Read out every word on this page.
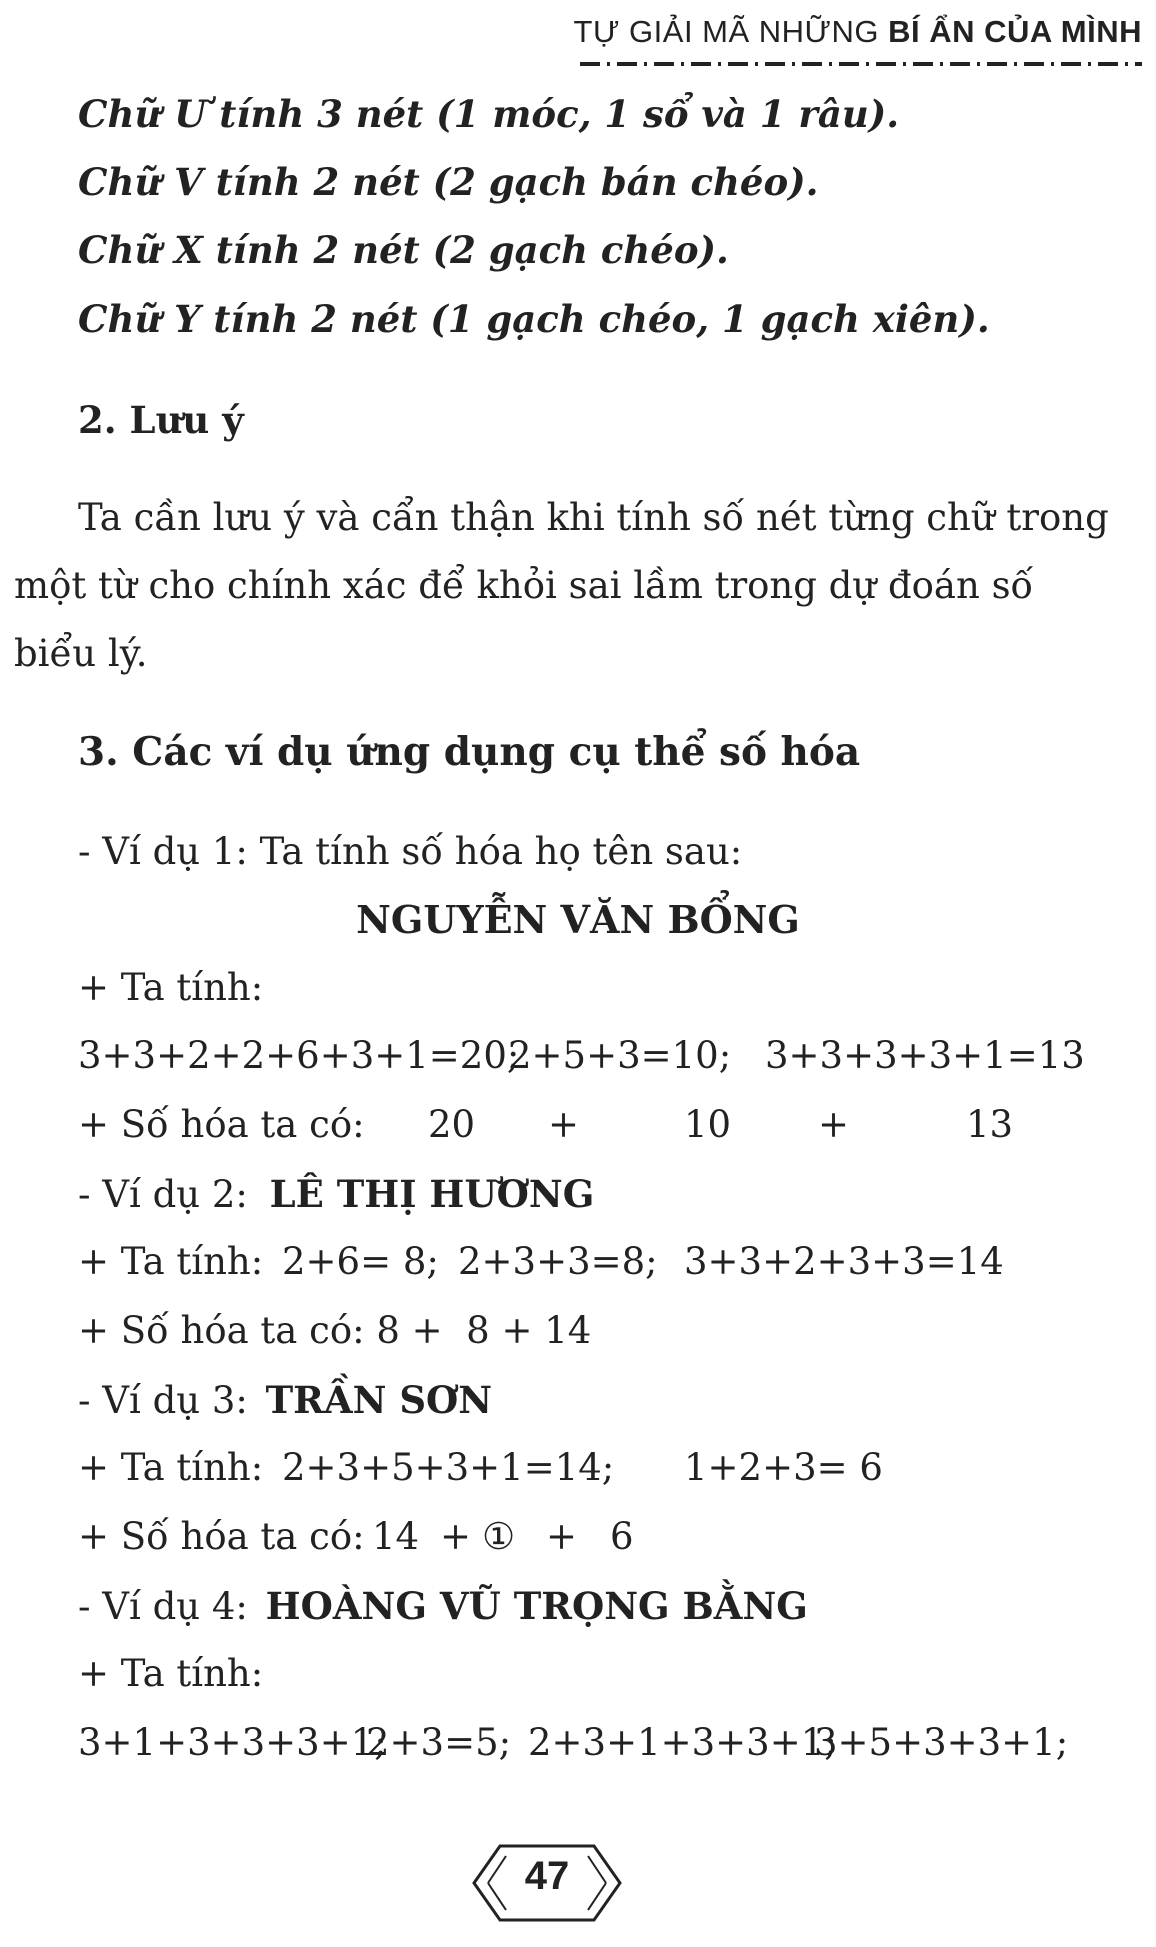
TỰ GIẢI MÃ NHỮNG BÍ ẨN CỦA MÌNH
Chữ Ư tính 3 nét (1 móc, 1 sổ và 1 râu).
Chữ V tính 2 nét (2 gạch bán chéo).
Chữ X tính 2 nét (2 gạch chéo).
Chữ Y tính 2 nét (1 gạch chéo, 1 gạch xiên).
2. Lưu ý
Ta cần lưu ý và cẩn thận khi tính số nét từng chữ trong
một từ cho chính xác để khỏi sai lầm trong dự đoán số
biểu lý.
3. Các ví dụ ứng dụng cụ thể số hóa
- Ví dụ 1: Ta tính số hóa họ tên sau:
NGUYỄN VĂN BỔNG
+ Ta tính:
3+3+2+2+6+3+1=20;
2+5+3=10; 3+3+3+3+1=13
+ Số hóa ta có: 20 +	10 +	13
- Ví dụ 2: LÊ THỊ HƯƠNG
+ Ta tính: 2+6= 8; 2+3+3=8; 3+3+2+3+3=14
+ Số hóa ta có: 8 +  8 + 14
- Ví dụ 3: TRẦN SƠN
+ Ta tính: 2+3+5+3+1=14; 1+2+3= 6
+ Số hóa ta có: 14 + ① + 6
- Ví dụ 4: HOÀNG VŨ TRỌNG BẰNG
+ Ta tính:
3+1+3+3+3+1;
2+3=5; 2+3+1+3+3+1;
3+5+3+3+1;
47
